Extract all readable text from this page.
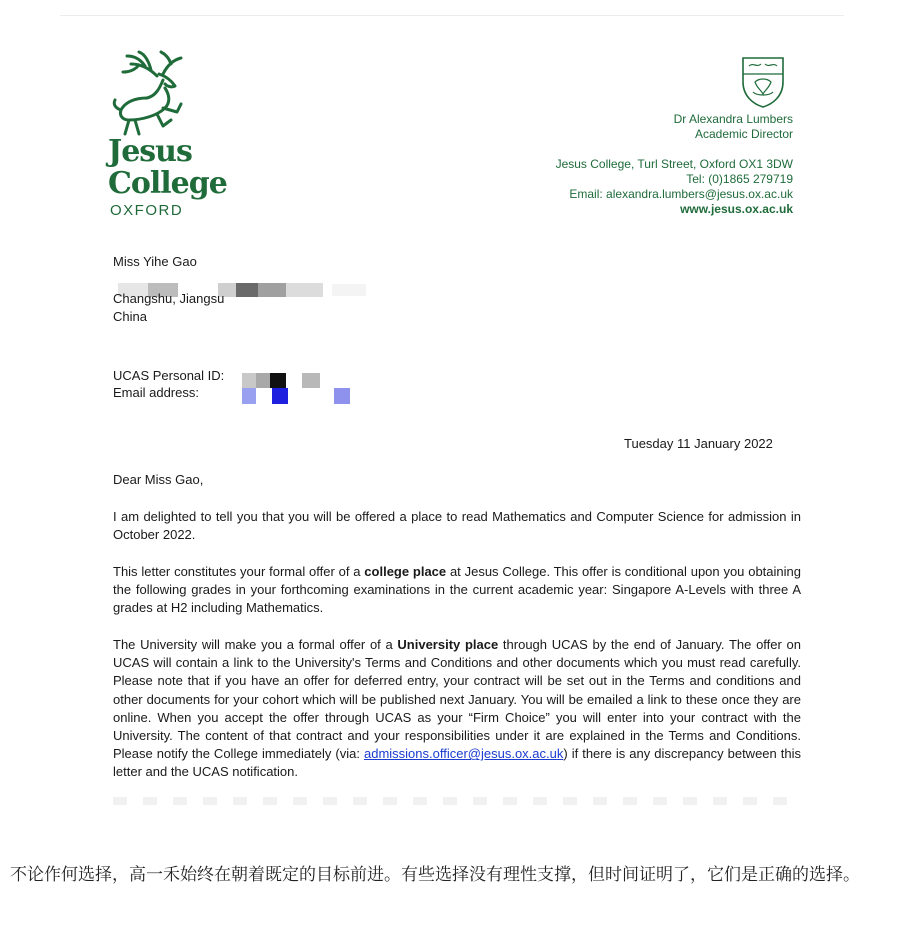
Jesus
College
OXFORD
Dr Alexandra Lumbers
Academic Director
Jesus College, Turl Street, Oxford OX1 3DW
Tel: (0)1865 279719
Email: alexandra.lumbers@jesus.ox.ac.uk
www.jesus.ox.ac.uk
Miss Yihe Gao
Changshu, Jiangsu
China
UCAS Personal ID:
Email address:
Tuesday 11 January 2022
Dear Miss Gao,
I am delighted to tell you that you will be offered a place to read Mathematics and Computer Science for admission in October 2022.
This letter constitutes your formal offer of a college place at Jesus College. This offer is conditional upon you obtaining the following grades in your forthcoming examinations in the current academic year: Singapore A-Levels with three A grades at H2 including Mathematics.
The University will make you a formal offer of a University place through UCAS by the end of January. The offer on UCAS will contain a link to the University's Terms and Conditions and other documents which you must read carefully. Please note that if you have an offer for deferred entry, your contract will be set out in the Terms and conditions and other documents for your cohort which will be published next January. You will be emailed a link to these once they are online. When you accept the offer through UCAS as your “Firm Choice” you will enter into your contract with the University. The content of that contract and your responsibilities under it are explained in the Terms and Conditions. Please notify the College immediately (via: admissions.officer@jesus.ox.ac.uk) if there is any discrepancy between this letter and the UCAS notification.
不论作何选择，高一禾始终在朝着既定的目标前进。有些选择没有理性支撑，但时间证明了，它们是正确的选择。
